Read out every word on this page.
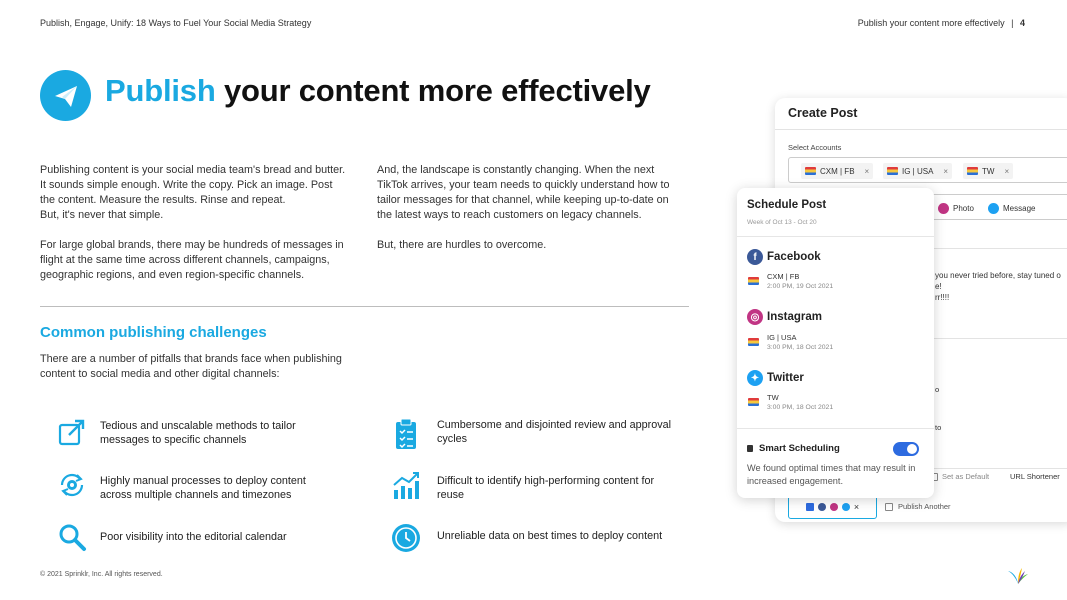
Publish, Engage, Unify: 18 Ways to Fuel Your Social Media Strategy	Publish your content more effectively | 4
Publish your content more effectively
Publishing content is your social media team's bread and butter. It sounds simple enough. Write the copy. Pick an image. Post the content. Measure the results. Rinse and repeat.
But, it's never that simple.
For large global brands, there may be hundreds of messages in flight at the same time across different channels, campaigns, geographic regions, and even region-specific channels.
And, the landscape is constantly changing. When the next TikTok arrives, your team needs to quickly understand how to tailor messages for that channel, while keeping up-to-date on the latest ways to reach customers on legacy channels.
But, there are hurdles to overcome.
Common publishing challenges
There are a number of pitfalls that brands face when publishing content to social media and other digital channels:
Tedious and unscalable methods to tailor messages to specific channels
Cumbersome and disjointed review and approval cycles
Highly manual processes to deploy content across multiple channels and timezones
Difficult to identify high-performing content for reuse
Poor visibility into the editorial calendar	Unreliable data on best times to deploy content
© 2021 Sprinklr, Inc. All rights reserved.
Create Post
Select Accounts
CXM | FB ×	IG | USA ×	TW ×
Photo	Message
you never tried before, stay tuned o
e!
rr!!!!
o
to
Set as Default	URL Shortener
×	Publish Another
Schedule Post
Week of Oct 13 - Oct 20
f Facebook
CXM | FB
2:00 PM, 19 Oct 2021
◎ Instagram
IG | USA
3:00 PM, 18 Oct 2021
✦ Twitter
TW
3:00 PM, 18 Oct 2021
Smart Scheduling
We found optimal times that may result in increased engagement.
